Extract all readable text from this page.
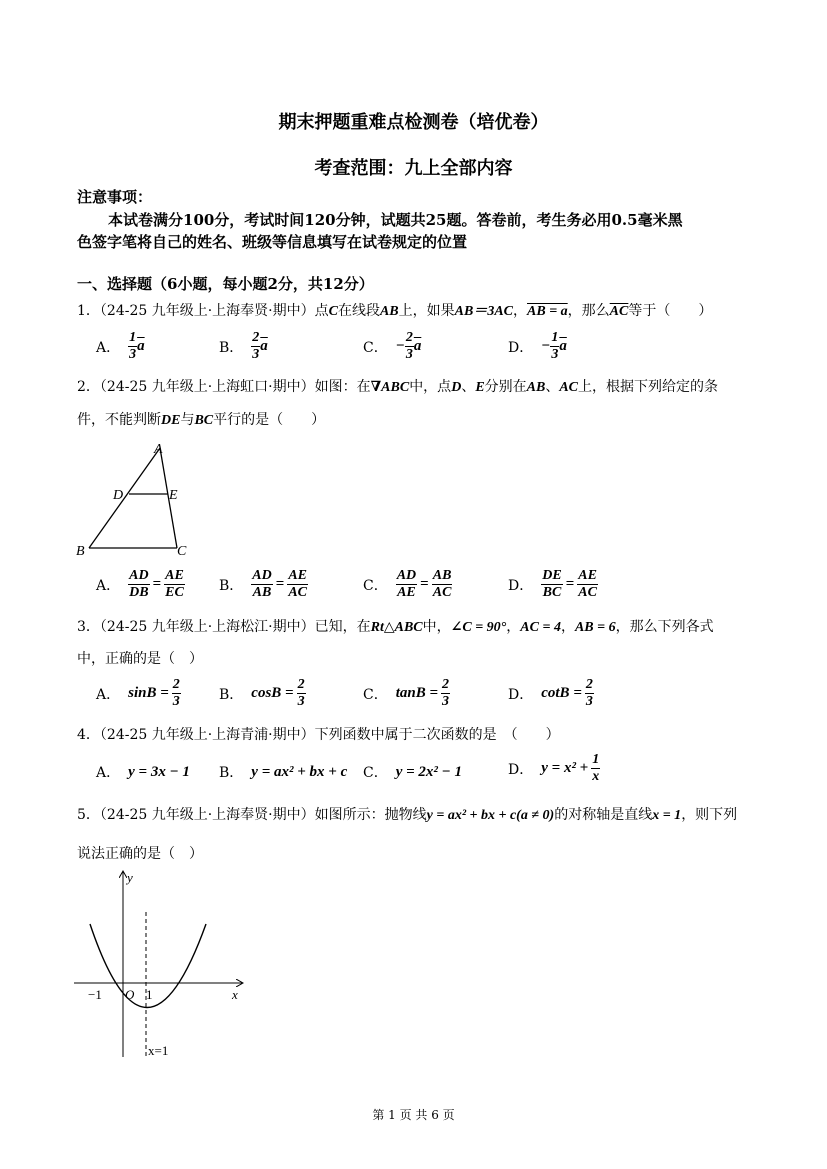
期末押题重难点检测卷（培优卷）
考查范围：九上全部内容
注意事项：
本试卷满分100分，考试时间120分钟，试题共25题。答卷前，考生务必用0.5毫米黑
色签字笔将自己的姓名、班级等信息填写在试卷规定的位置
一、选择题（6小题，每小题2分，共12分）
1．（24-25 九年级上·上海奉贤·期中）点C在线段AB上，如果AB＝3AC，AB = a，那么$\overline{AC}$等于（　　）
A．
1
3
$\overline{a}$	B．
2
3
$\overline{a}$	C． − $\frac{2}{3} \overline{a}$	D． − $\frac{1}{3} \overline{a}$
2．（24-25 九年级上·上海虹口·期中）如图：在∇ABC中，点D、E分别在AB、AC上，根据下列给定的条
件，不能判断DE与BC平行的是（　　）
A
D	E
B	C
A． $\frac{AD}{DB} = \frac{AE}{EC}$ B． $\frac{AD}{AB} = \frac{AE}{AC}$	C． $\frac{AD}{AE} = \frac{AB}{AC}$	D． $\frac{DE}{BC} = \frac{AE}{AC}$
3．（24-25 九年级上·上海松江·期中）已知，在Rt△ABC中，∠C = 90°，AC = 4，AB = 6，那么下列各式
中，正确的是（　）
A． $\sin B = \frac{2}{3}$	B． $\cos B = \frac{2}{3}$	C． $\tan B = \frac{2}{3}$	D． $\cot B = \frac{2}{3}$
4．（24-25 九年级上·上海青浦·期中）下列函数中属于二次函数的是　（　　）
A． y = 3x − 1 B． y = ax² + bx + c C． y = 2x² − 1	D． $y = x^2 + \frac{1}{x}$
5．（24-25 九年级上·上海奉贤·期中）如图所示：抛物线y = ax² + bx + c(a ≠ 0)的对称轴是直线x = 1，则下列
说法正确的是（　）
y
x
O
−1	1
x=1
第 1 页 共 6 页
